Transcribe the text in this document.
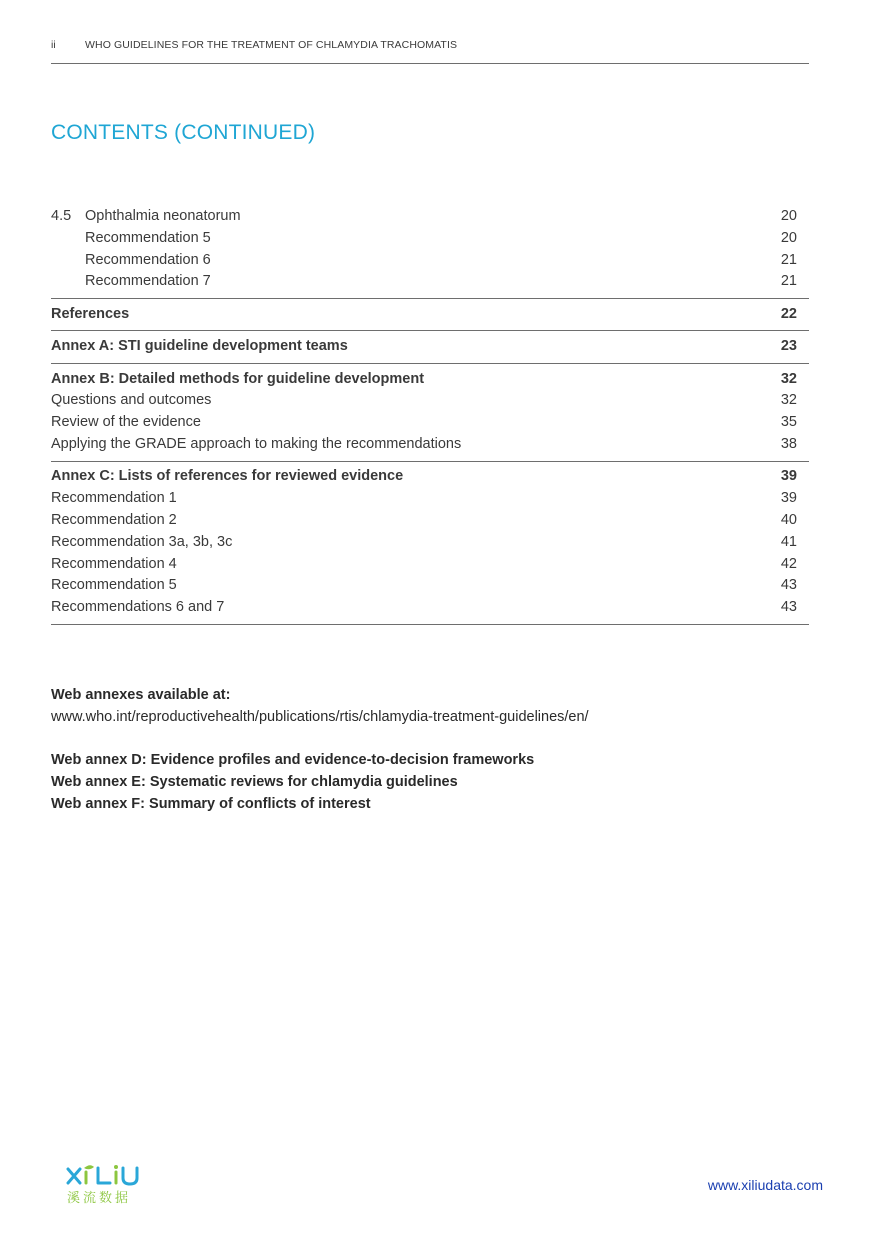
ii	WHO GUIDELINES FOR THE TREATMENT OF CHLAMYDIA TRACHOMATIS
CONTENTS (CONTINUED)
4.5 Ophthalmia neonatorum	20
Recommendation 5	20
Recommendation 6	21
Recommendation 7	21
References	22
Annex A: STI guideline development teams	23
Annex B: Detailed methods for guideline development	32
Questions and outcomes	32
Review of the evidence	35
Applying the GRADE approach to making the recommendations	38
Annex C: Lists of references for reviewed evidence	39
Recommendation 1	39
Recommendation 2	40
Recommendation 3a, 3b, 3c	41
Recommendation 4	42
Recommendation 5	43
Recommendations 6 and 7	43
Web annexes available at:
www.who.int/reproductivehealth/publications/rtis/chlamydia-treatment-guidelines/en/
Web annex D: Evidence profiles and evidence-to-decision frameworks
Web annex E: Systematic reviews for chlamydia guidelines
Web annex F: Summary of conflicts of interest
溪流数据
www.xiliudata.com
